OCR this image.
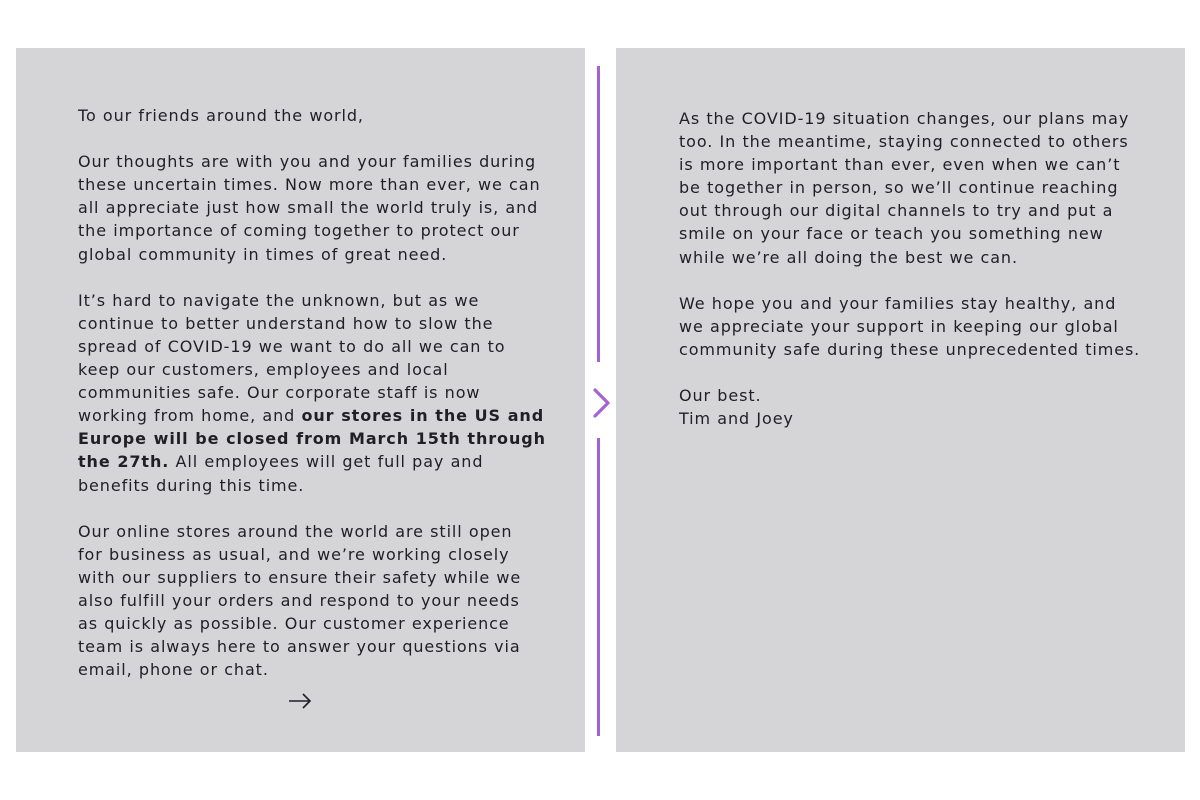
To our friends around the world,

Our thoughts are with you and your families during
these uncertain times. Now more than ever, we can
all appreciate just how small the world truly is, and
the importance of coming together to protect our
global community in times of great need.

It’s hard to navigate the unknown, but as we
continue to better understand how to slow the
spread of COVID-19 we want to do all we can to
keep our customers, employees and local
communities safe. Our corporate staff is now
working from home, and our stores in the US and
Europe will be closed from March 15th through
the 27th. All employees will get full pay and
benefits during this time.

Our online stores around the world are still open
for business as usual, and we’re working closely
with our suppliers to ensure their safety while we
also fulfill your orders and respond to your needs
as quickly as possible. Our customer experience
team is always here to answer your questions via
email, phone or chat.

As the COVID-19 situation changes, our plans may
too. In the meantime, staying connected to others
is more important than ever, even when we can’t
be together in person, so we’ll continue reaching
out through our digital channels to try and put a
smile on your face or teach you something new
while we’re all doing the best we can.

We hope you and your families stay healthy, and
we appreciate your support in keeping our global
community safe during these unprecedented times.

Our best.
Tim and Joey
